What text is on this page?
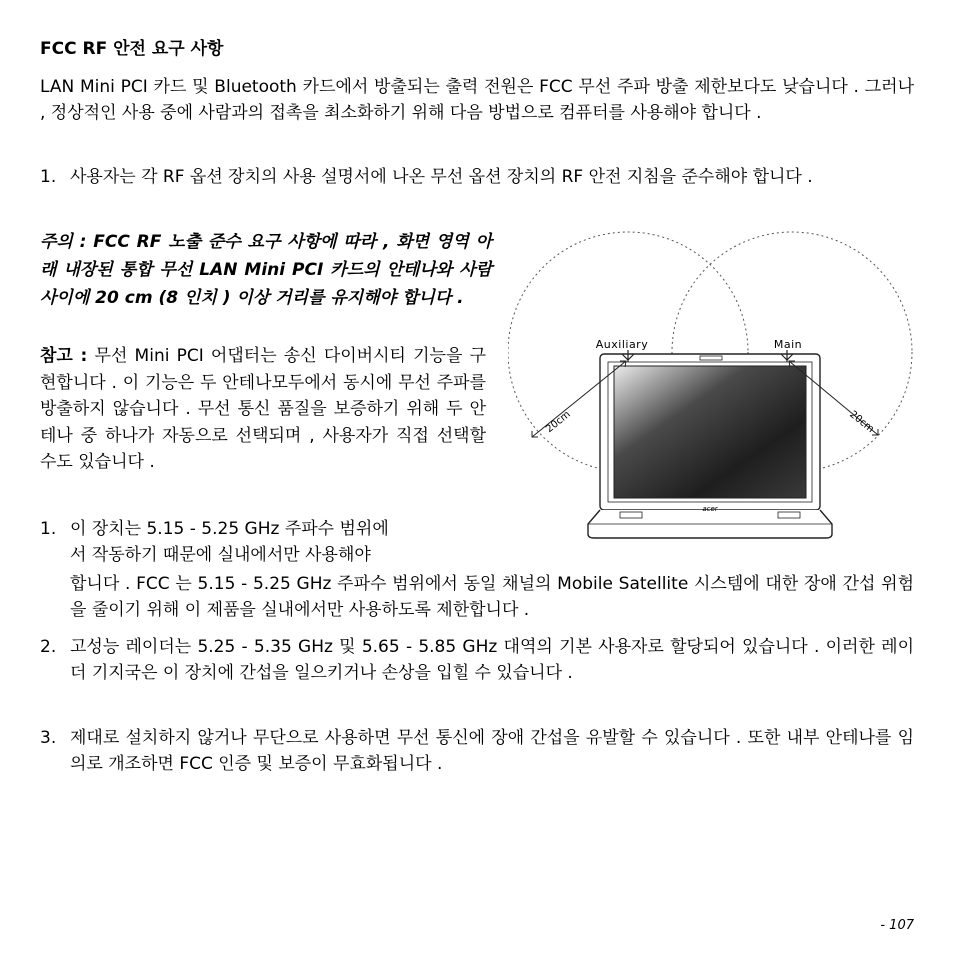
FCC RF 안전 요구 사항
LAN Mini PCI 카드 및 Bluetooth 카드에서 방출되는 출력 전원은 FCC 무선 주파 방출 제한보다도 낮습니다 . 그러나 , 정상적인 사용 중에 사람과의 접촉을 최소화하기 위해 다음 방법으로 컴퓨터를 사용해야 합니다 .
1. 사용자는 각 RF 옵션 장치의 사용 설명서에 나온 무선 옵션 장치의 RF 안전 지침을 준수해야 합니다 .
주의 : FCC RF 노출 준수 요구 사항에 따라 , 화면 영역 아래 내장된 통합 무선 LAN Mini PCI 카드의 안테나와 사람 사이에 20 cm (8 인치 ) 이상 거리를 유지해야 합니다 .
참고 : 무선 Mini PCI 어댑터는 송신 다이버시티 기능을 구현합니다 . 이 기능은 두 안테나모두에서 동시에 무선 주파를 방출하지 않습니다 . 무선 통신 품질을 보증하기 위해 두 안테나 중 하나가 자동으로 선택되며 , 사용자가 직접 선택할 수도 있습니다 .
acer
Auxiliary	Main
20cm	20cm
1. 이 장치는 5.15 - 5.25 GHz 주파수 범위에
서 작동하기 때문에 실내에서만 사용해야
합니다 . FCC 는 5.15 - 5.25 GHz 주파수 범위에서 동일 채널의 Mobile Satellite 시스템에 대한 장애 간섭 위험을 줄이기 위해 이 제품을 실내에서만 사용하도록 제한합니다 .
2. 고성능 레이더는 5.25 - 5.35 GHz 및 5.65 - 5.85 GHz 대역의 기본 사용자로 할당되어 있습니다 . 이러한 레이더 기지국은 이 장치에 간섭을 일으키거나 손상을 입힐 수 있습니다 .
3. 제대로 설치하지 않거나 무단으로 사용하면 무선 통신에 장애 간섭을 유발할 수 있습니다 . 또한 내부 안테나를 임의로 개조하면 FCC 인증 및 보증이 무효화됩니다 .
- 107
